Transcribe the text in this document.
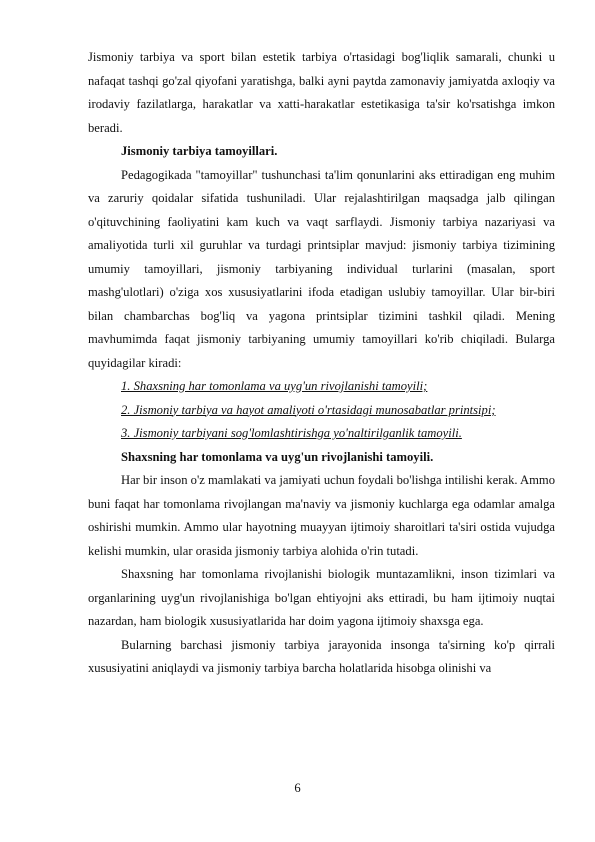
Jismoniy tarbiya va sport bilan estetik tarbiya o'rtasidagi bog'liqlik samarali, chunki u nafaqat tashqi go'zal qiyofani yaratishga, balki ayni paytda zamonaviy jamiyatda axloqiy va irodaviy fazilatlarga, harakatlar va xatti-harakatlar estetikasiga ta'sir ko'rsatishga imkon beradi.

Jismoniy tarbiya tamoyillari.

Pedagogikada "tamoyillar" tushunchasi ta'lim qonunlarini aks ettiradigan eng muhim va zaruriy qoidalar sifatida tushuniladi. Ular rejalashtirilgan maqsadga jalb qilingan o'qituvchining faoliyatini kam kuch va vaqt sarflaydi. Jismoniy tarbiya nazariyasi va amaliyotida turli xil guruhlar va turdagi printsiplar mavjud: jismoniy tarbiya tizimining umumiy tamoyillari, jismoniy tarbiyaning individual turlarini (masalan, sport mashg'ulotlari) o'ziga xos xususiyatlarini ifoda etadigan uslubiy tamoyillar. Ular bir-biri bilan chambarchas bog'liq va yagona printsiplar tizimini tashkil qiladi. Mening mavhumimda faqat jismoniy tarbiyaning umumiy tamoyillari ko'rib chiqiladi. Bularga quyidagilar kiradi:

1. Shaxsning har tomonlama va uyg'un rivojlanishi tamoyili;

2. Jismoniy tarbiya va hayot amaliyoti o'rtasidagi munosabatlar printsipi;

3. Jismoniy tarbiyani sog'lomlashtirishga yo'naltirilganlik tamoyili.

Shaxsning har tomonlama va uyg'un rivojlanishi tamoyili.

Har bir inson o'z mamlakati va jamiyati uchun foydali bo'lishga intilishi kerak. Ammo buni faqat har tomonlama rivojlangan ma'naviy va jismoniy kuchlarga ega odamlar amalga oshirishi mumkin. Ammo ular hayotning muayyan ijtimoiy sharoitlari ta'siri ostida vujudga kelishi mumkin, ular orasida jismoniy tarbiya alohida o'rin tutadi.

Shaxsning har tomonlama rivojlanishi biologik muntazamlikni, inson tizimlari va organlarining uyg'un rivojlanishiga bo'lgan ehtiyojni aks ettiradi, bu ham ijtimoiy nuqtai nazardan, ham biologik xususiyatlarida har doim yagona ijtimoiy shaxsga ega.

Bularning barchasi jismoniy tarbiya jarayonida insonga ta'sirning ko'p qirrali xususiyatini aniqlaydi va jismoniy tarbiya barcha holatlarida hisobga olinishi va

6
